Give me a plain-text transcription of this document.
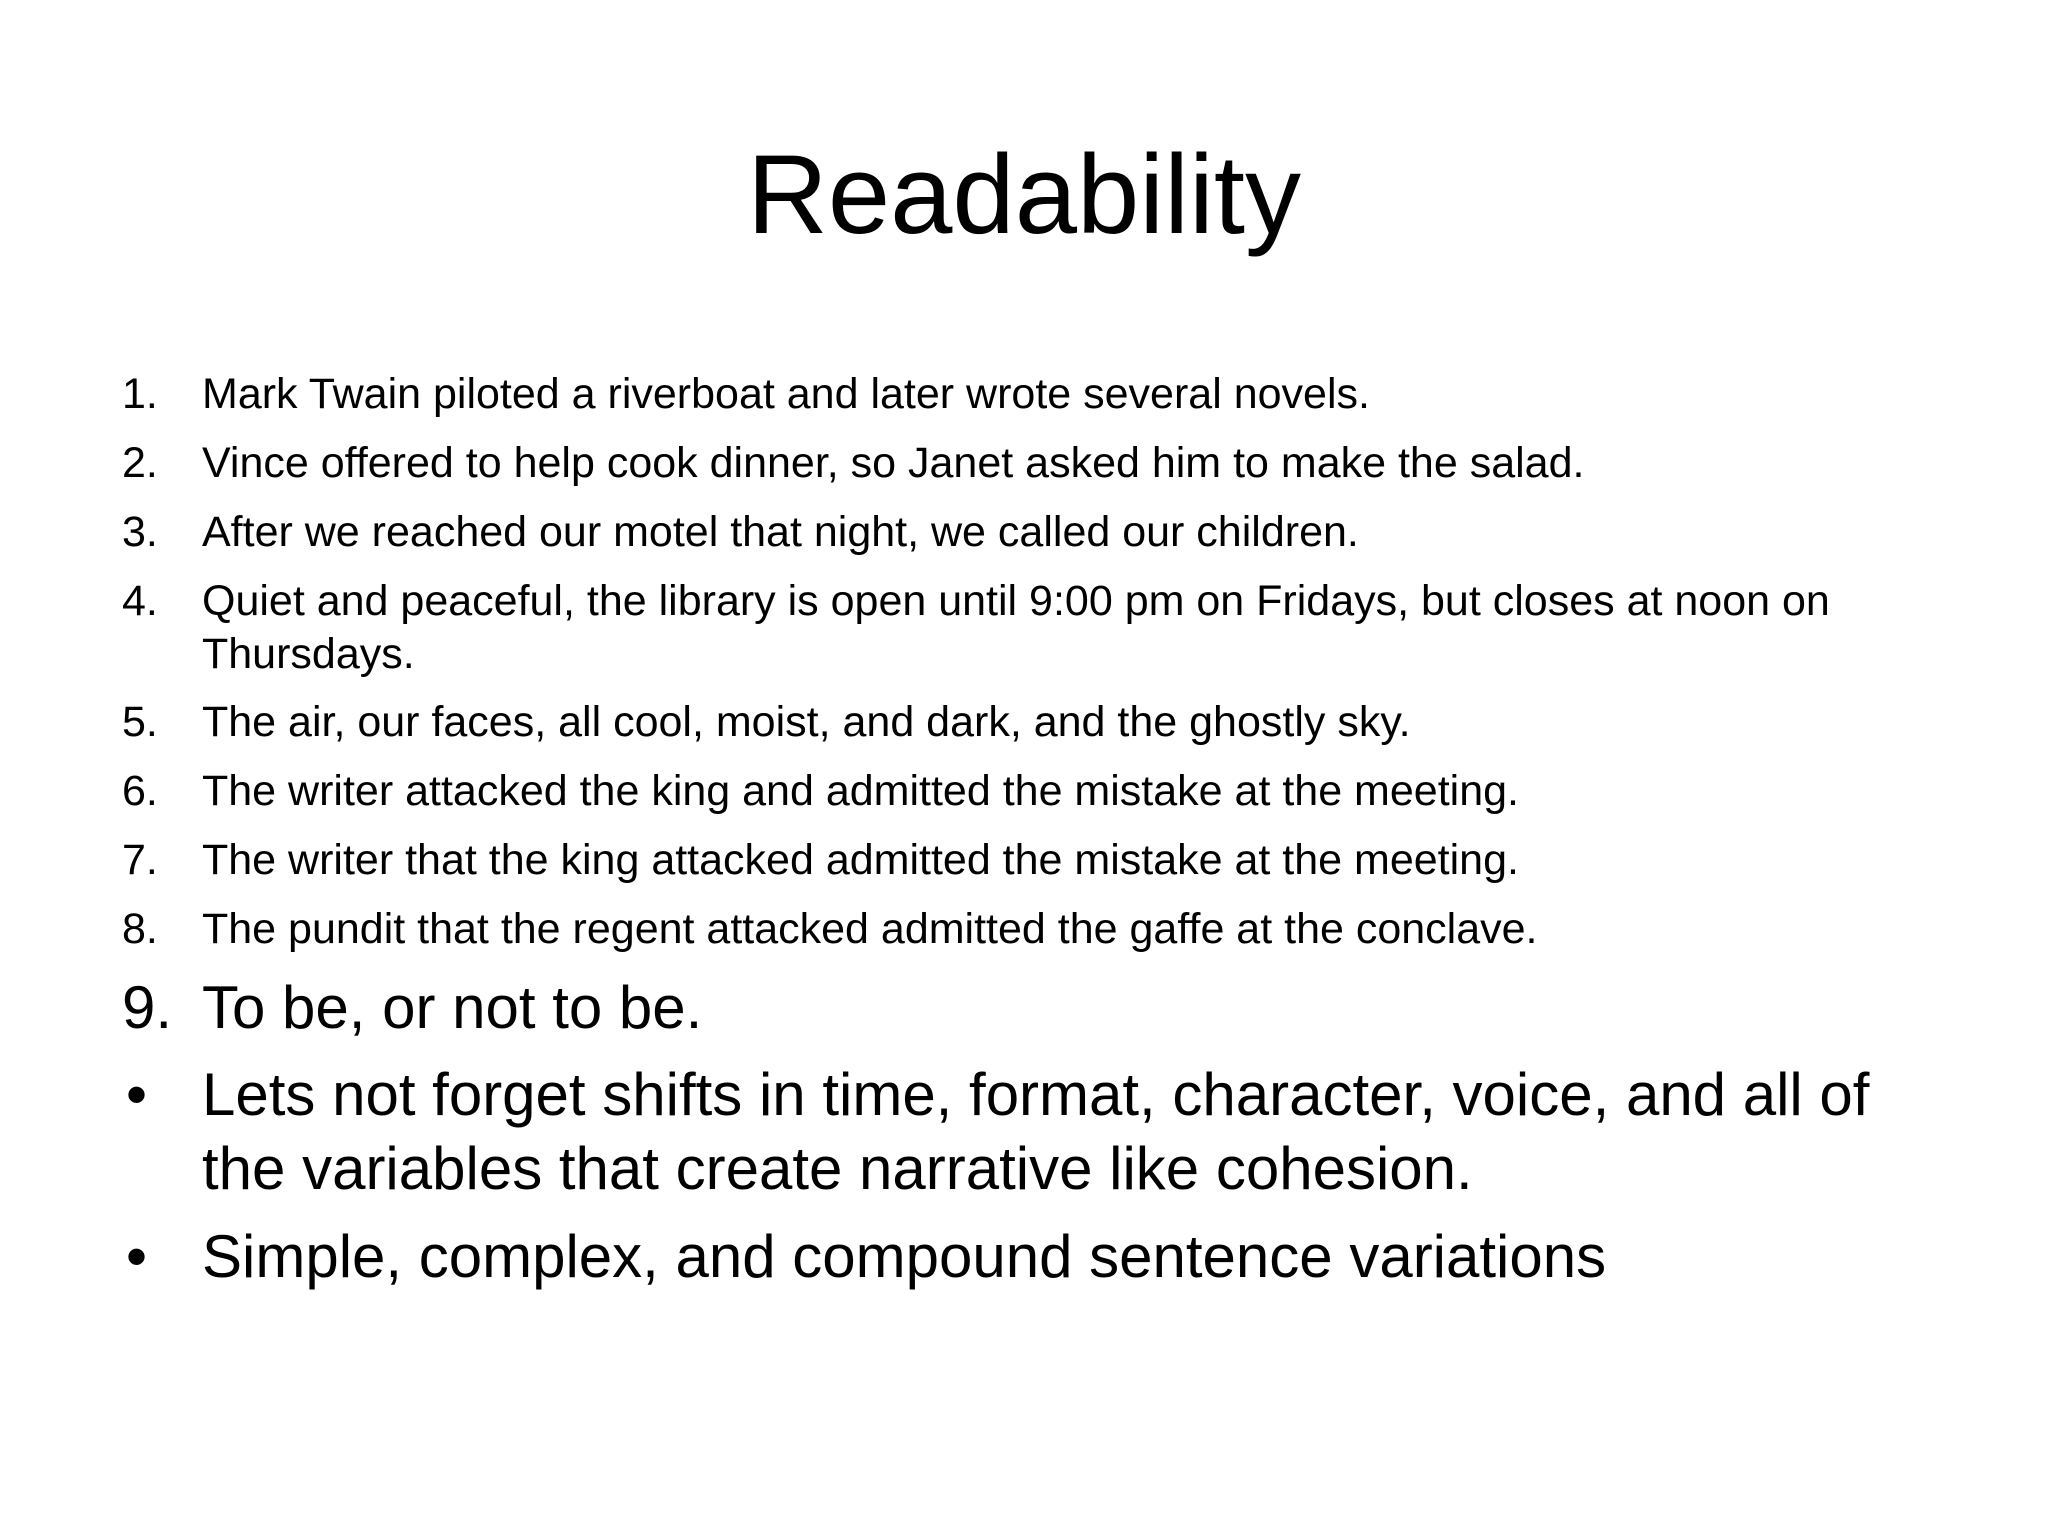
Readability
1.	Mark Twain piloted a riverboat and later wrote several novels.
2.	Vince offered to help cook dinner, so Janet asked him to make the salad.
3.	After we reached our motel that night, we called our children.
4.	Quiet and peaceful, the library is open until 9:00 pm on Fridays, but closes at noon on Thursdays.
5.	The air, our faces, all cool, moist, and dark, and the ghostly sky.
6.	The writer attacked the king and admitted the mistake at the meeting.
7.	The writer that the king attacked admitted the mistake at the meeting.
8.	The pundit that the regent attacked admitted the gaffe at the conclave.
9. To be, or not to be.
• Lets not forget shifts in time, format, character, voice, and all of the variables that create narrative like cohesion.
• Simple, complex, and compound sentence variations
